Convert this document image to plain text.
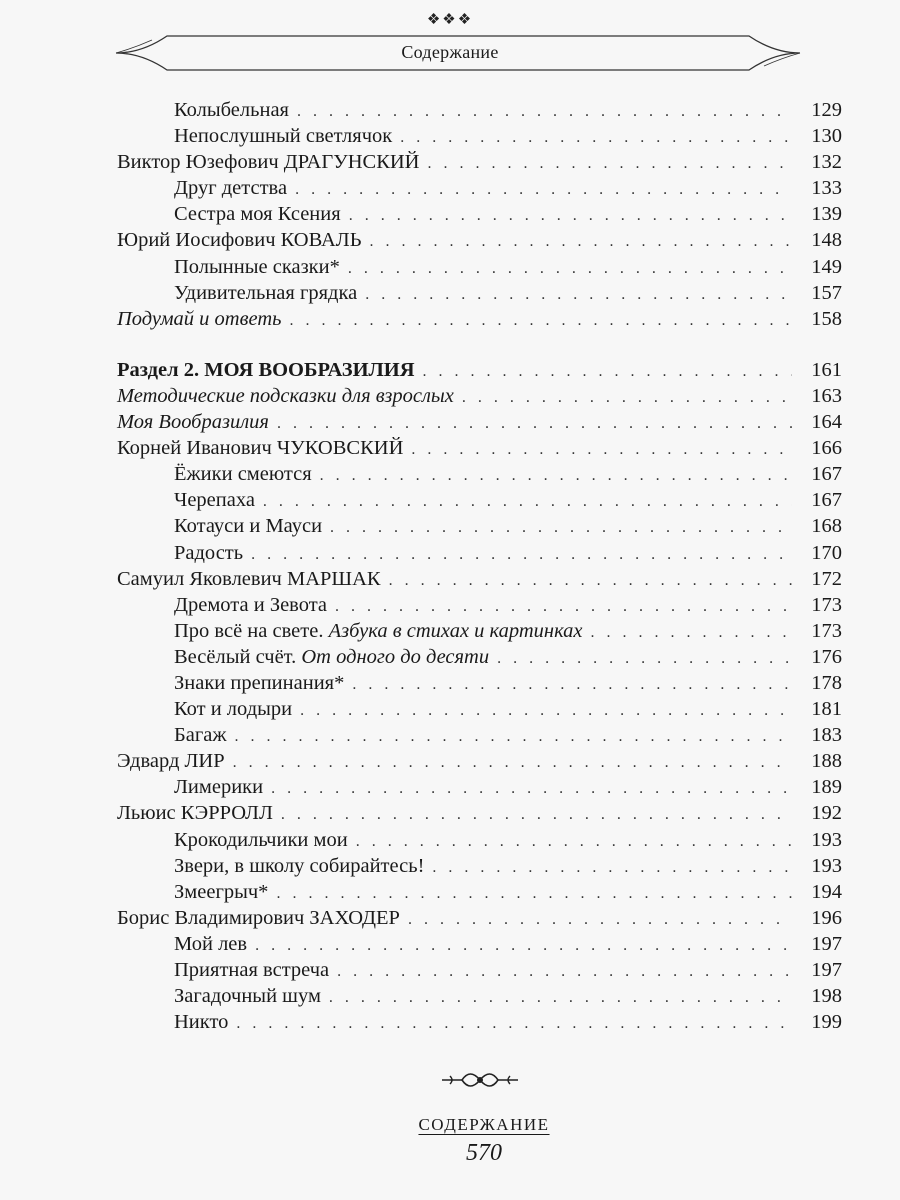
❖❖❖
Содержание
Колыбельная . . .	129
Непослушный светлячок . . .	130
Виктор Юзефович ДРАГУНСКИЙ . . .	132
Друг детства . . .	133
Сестра моя Ксения . . .	139
Юрий Иосифович КОВАЛЬ . . .	148
Полынные сказки* . . .	149
Удивительная грядка . . .	157
Подумай и ответь . . .	158
Раздел 2. МОЯ ВООБРАЗИЛИЯ . . .	161
Методические подсказки для взрослых . . .	163
Моя Вообразилия . . .	164
Корней Иванович ЧУКОВСКИЙ . . .	166
Ёжики смеются . . .	167
Черепаха . . .	167
Котауси и Мауси . . .	168
Радость . . .	170
Самуил Яковлевич МАРШАК . . .	172
Дремота и Зевота . . .	173
Про всё на свете. Азбука в стихах и картинках . . .	173
Весёлый счёт. От одного до десяти . . .	176
Знаки препинания* . . .	178
Кот и лодыри . . .	181
Багаж . . .	183
Эдвард ЛИР . . .	188
Лимерики . . .	189
Льюис КЭРРОЛЛ . . .	192
Крокодильчики мои . . .	193
Звери, в школу собирайтесь! . . .	193
Змеегрыч* . . .	194
Борис Владимирович ЗАХОДЕР . . .	196
Мой лев . . .	197
Приятная встреча . . .	197
Загадочный шум . . .	198
Никто . . .	199
СОДЕРЖАНИЕ
570
